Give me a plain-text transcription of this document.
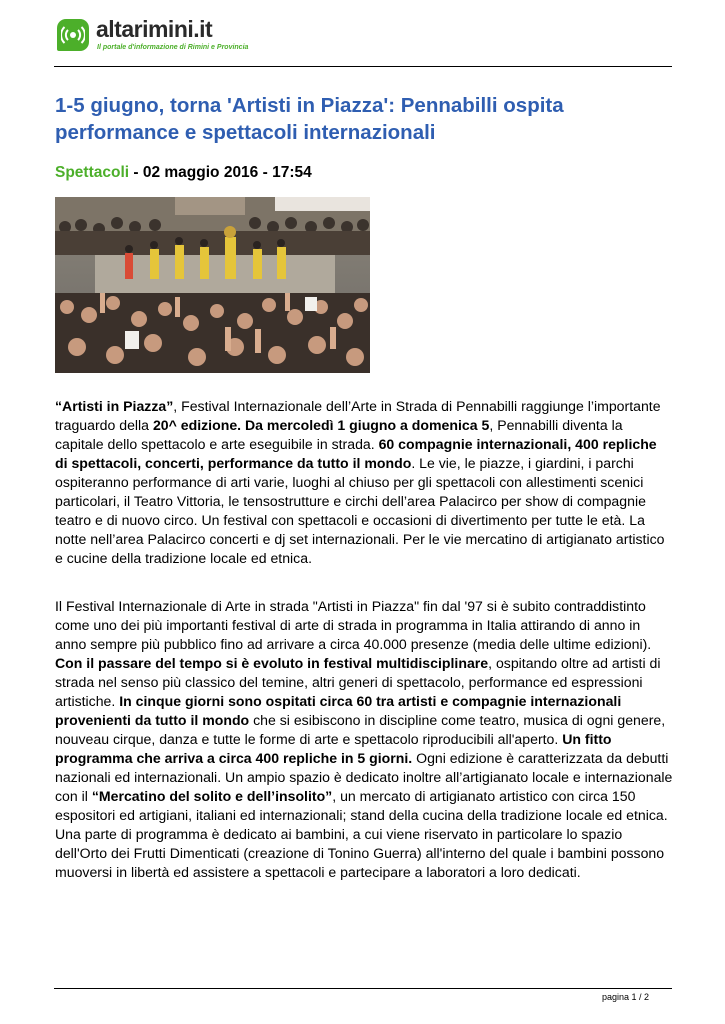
altarimini.it
Il portale d'informazione di Rimini e Provincia
1-5 giugno, torna 'Artisti in Piazza': Pennabilli ospita performance e spettacoli internazionali
Spettacoli - 02 maggio 2016 - 17:54

“Artisti in Piazza”, Festival Internazionale dell’Arte in Strada di Pennabilli raggiunge l’importante traguardo della 20^ edizione. Da mercoledì 1 giugno a domenica 5, Pennabilli diventa la capitale dello spettacolo e arte eseguibile in strada. 60 compagnie internazionali, 400 repliche di spettacoli, concerti, performance da tutto il mondo. Le vie, le piazze, i giardini, i parchi ospiteranno performance di arti varie, luoghi al chiuso per gli spettacoli con allestimenti scenici particolari, il Teatro Vittoria, le tensostrutture e circhi dell’area Palacirco per show di compagnie teatro e di nuovo circo. Un festival con spettacoli e occasioni di divertimento per tutte le età. La notte nell’area Palacirco concerti e dj set internazionali. Per le vie mercatino di artigianato artistico e cucine della tradizione locale ed etnica.

Il Festival Internazionale di Arte in strada "Artisti in Piazza" fin dal '97 si è subito contraddistinto come uno dei più importanti festival di arte di strada in programma in Italia attirando di anno in anno sempre più pubblico fino ad arrivare a circa 40.000 presenze (media delle ultime edizioni). Con il passare del tempo si è evoluto in festival multidisciplinare, ospitando oltre ad artisti di strada nel senso più classico del temine, altri generi di spettacolo, performance ed espressioni artistiche. In cinque giorni sono ospitati circa 60 tra artisti e compagnie internazionali provenienti da tutto il mondo che si esibiscono in discipline come teatro, musica di ogni genere, nouveau cirque, danza e tutte le forme di arte e spettacolo riproducibili all'aperto. Un fitto programma che arriva a circa 400 repliche in 5 giorni. Ogni edizione è caratterizzata da debutti nazionali ed internazionali. Un ampio spazio è dedicato inoltre all’artigianato locale e internazionale con il “Mercatino del solito e dell’insolito”, un mercato di artigianato artistico con circa 150 espositori ed artigiani, italiani ed internazionali; stand della cucina della tradizione locale ed etnica. Una parte di programma è dedicato ai bambini, a cui viene riservato in particolare lo spazio dell'Orto dei Frutti Dimenticati (creazione di Tonino Guerra) all'interno del quale i bambini possono muoversi in libertà ed assistere a spettacoli e partecipare a laboratori a loro dedicati.

pagina 1 / 2
